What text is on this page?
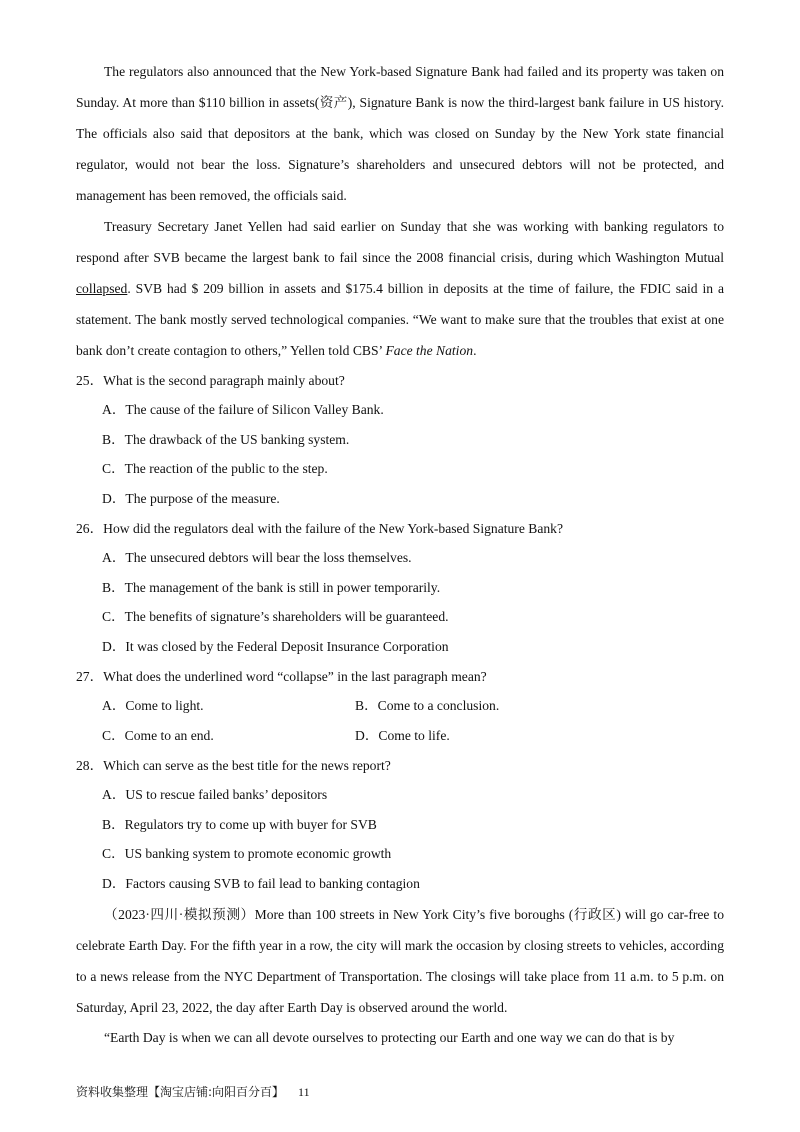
The regulators also announced that the New York-based Signature Bank had failed and its property was taken on Sunday. At more than $110 billion in assets(资产), Signature Bank is now the third-largest bank failure in US history. The officials also said that depositors at the bank, which was closed on Sunday by the New York state financial regulator, would not bear the loss. Signature’s shareholders and unsecured debtors will not be protected, and management has been removed, the officials said.

Treasury Secretary Janet Yellen had said earlier on Sunday that she was working with banking regulators to respond after SVB became the largest bank to fail since the 2008 financial crisis, during which Washington Mutual collapsed. SVB had $ 209 billion in assets and $175.4 billion in deposits at the time of failure, the FDIC said in a statement. The bank mostly served technological companies. “We want to make sure that the troubles that exist at one bank don’t create contagion to others,” Yellen told CBS’ Face the Nation.

25．What is the second paragraph mainly about?

A．The cause of the failure of Silicon Valley Bank.

B．The drawback of the US banking system.

C．The reaction of the public to the step.

D．The purpose of the measure.

26．How did the regulators deal with the failure of the New York-based Signature Bank?

A．The unsecured debtors will bear the loss themselves.

B．The management of the bank is still in power temporarily.

C．The benefits of signature’s shareholders will be guaranteed.

D．It was closed by the Federal Deposit Insurance Corporation

27．What does the underlined word “collapse” in the last paragraph mean?

A．Come to light.	B．Come to a conclusion.

C．Come to an end.	D．Come to life.

28．Which can serve as the best title for the news report?

A．US to rescue failed banks’ depositors

B．Regulators try to come up with buyer for SVB

C．US banking system to promote economic growth

D．Factors causing SVB to fail lead to banking contagion

（2023·四川·模拟预测）More than 100 streets in New York City’s five boroughs (行政区) will go car-free to celebrate Earth Day. For the fifth year in a row, the city will mark the occasion by closing streets to vehicles, according to a news release from the NYC Department of Transportation. The closings will take place from 11 a.m. to 5 p.m. on Saturday, April 23, 2022, the day after Earth Day is observed around the world.

“Earth Day is when we can all devote ourselves to protecting our Earth and one way we can do that is by

资料收集整理【淘宝店铺:向阳百分百】 11
